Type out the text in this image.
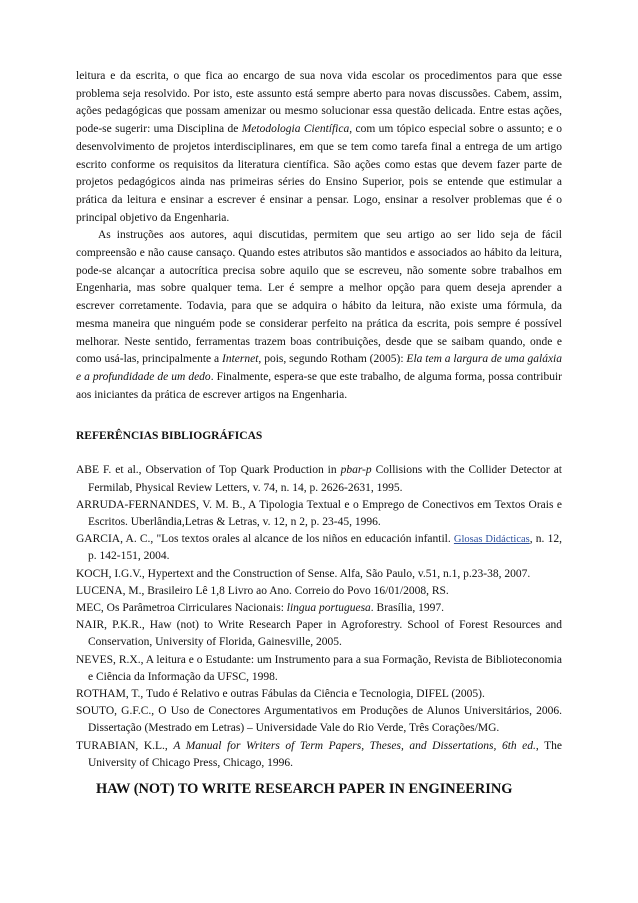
leitura e da escrita, o que fica ao encargo de sua nova vida escolar os procedimentos para que esse problema seja resolvido. Por isto, este assunto está sempre aberto para novas discussões. Cabem, assim, ações pedagógicas que possam amenizar ou mesmo solucionar essa questão delicada. Entre estas ações, pode-se sugerir: uma Disciplina de Metodologia Científica, com um tópico especial sobre o assunto; e o desenvolvimento de projetos interdisciplinares, em que se tem como tarefa final a entrega de um artigo escrito conforme os requisitos da literatura científica. São ações como estas que devem fazer parte de projetos pedagógicos ainda nas primeiras séries do Ensino Superior, pois se entende que estimular a prática da leitura e ensinar a escrever é ensinar a pensar. Logo, ensinar a resolver problemas que é o principal objetivo da Engenharia.

As instruções aos autores, aqui discutidas, permitem que seu artigo ao ser lido seja de fácil compreensão e não cause cansaço. Quando estes atributos são mantidos e associados ao hábito da leitura, pode-se alcançar a autocrítica precisa sobre aquilo que se escreveu, não somente sobre trabalhos em Engenharia, mas sobre qualquer tema. Ler é sempre a melhor opção para quem deseja aprender a escrever corretamente. Todavia, para que se adquira o hábito da leitura, não existe uma fórmula, da mesma maneira que ninguém pode se considerar perfeito na prática da escrita, pois sempre é possível melhorar. Neste sentido, ferramentas trazem boas contribuições, desde que se saibam quando, onde e como usá-las, principalmente a Internet, pois, segundo Rotham (2005): Ela tem a largura de uma galáxia e a profundidade de um dedo. Finalmente, espera-se que este trabalho, de alguma forma, possa contribuir aos iniciantes da prática de escrever artigos na Engenharia.

REFERÊNCIAS BIBLIOGRÁFICAS

ABE F. et al., Observation of Top Quark Production in pbar-p Collisions with the Collider Detector at Fermilab, Physical Review Letters, v. 74, n. 14, p. 2626-2631, 1995.

ARRUDA-FERNANDES, V. M. B., A Tipologia Textual e o Emprego de Conectivos em Textos Orais e Escritos. Uberlândia,Letras & Letras, v. 12, n 2, p. 23-45, 1996.

GARCIA, A. C., "Los textos orales al alcance de los niños en educación infantil. Glosas Didácticas, n. 12, p. 142-151, 2004.

KOCH, I.G.V., Hypertext and the Construction of Sense. Alfa, São Paulo, v.51, n.1, p.23-38, 2007.

LUCENA, M., Brasileiro Lê 1,8 Livro ao Ano. Correio do Povo 16/01/2008, RS.

MEC, Os Parâmetroa Cirriculares Nacionais: lingua portuguesa. Brasília, 1997.

NAIR, P.K.R., Haw (not) to Write Research Paper in Agroforestry. School of Forest Resources and Conservation, University of Florida, Gainesville, 2005.

NEVES, R.X., A leitura e o Estudante: um Instrumento para a sua Formação, Revista de Biblioteconomia e Ciência da Informação da UFSC, 1998.

ROTHAM, T., Tudo é Relativo e outras Fábulas da Ciência e Tecnologia, DIFEL (2005).

SOUTO, G.F.C., O Uso de Conectores Argumentativos em Produções de Alunos Universitários, 2006. Dissertação (Mestrado em Letras) – Universidade Vale do Rio Verde, Três Corações/MG.

TURABIAN, K.L., A Manual for Writers of Term Papers, Theses, and Dissertations, 6th ed., The University of Chicago Press, Chicago, 1996.

HAW (NOT) TO WRITE RESEARCH PAPER IN ENGINEERING
